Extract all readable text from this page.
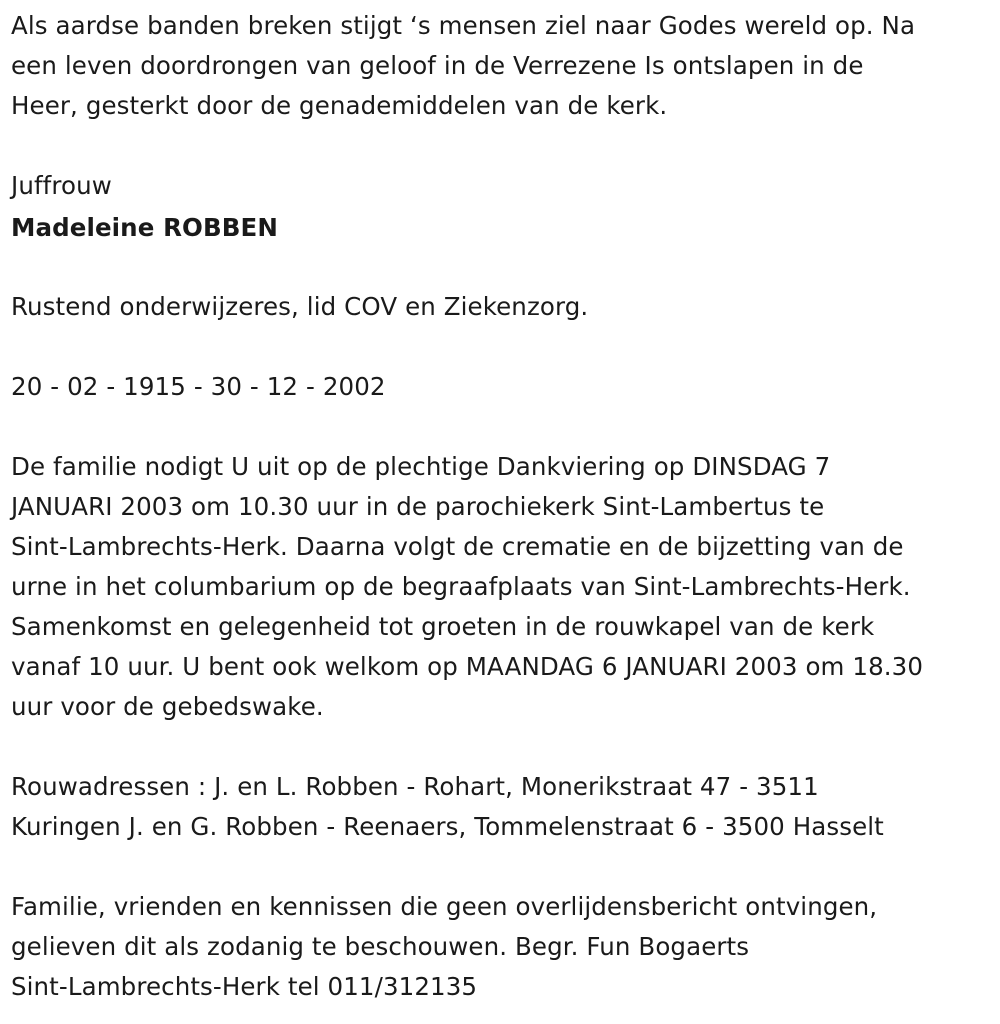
Als aardse banden breken stijgt ‘s mensen ziel naar Godes wereld op. Na
een leven doordrongen van geloof in de Verrezene Is ontslapen in de
Heer, gesterkt door de genademiddelen van de kerk.
Juffrouw
Madeleine ROBBEN
Rustend onderwijzeres, lid COV en Ziekenzorg.
20 - 02 - 1915 - 30 - 12 - 2002
De familie nodigt U uit op de plechtige Dankviering op DINSDAG 7
JANUARI 2003 om 10.30 uur in de parochiekerk Sint-Lambertus te
Sint-Lambrechts-Herk. Daarna volgt de crematie en de bijzetting van de
urne in het columbarium op de begraafplaats van Sint-Lambrechts-Herk.
Samenkomst en gelegenheid tot groeten in de rouwkapel van de kerk
vanaf 10 uur. U bent ook welkom op MAANDAG 6 JANUARI 2003 om 18.30
uur voor de gebedswake.
Rouwadressen : J. en L. Robben - Rohart, Monerikstraat 47 - 3511
Kuringen J. en G. Robben - Reenaers, Tommelenstraat 6 - 3500 Hasselt
Familie, vrienden en kennissen die geen overlijdensbericht ontvingen,
gelieven dit als zodanig te beschouwen. Begr. Fun Bogaerts
Sint-Lambrechts-Herk tel 011/312135
